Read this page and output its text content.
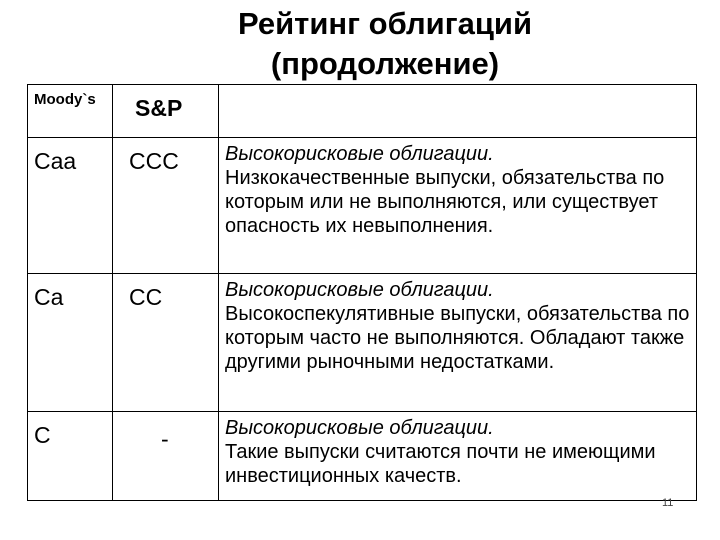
Рейтинг облигаций
(продолжение)
Moody`s	S&P	

Caa	CCC	Высокорисковые облигации.
Низкокачественные выпуски, обязательства по которым или не выполняются, или существует опасность их невыполнения.

Ca	CC	Высокорисковые облигации.
Высокоспекулятивные выпуски, обязательства по которым часто не выполняются. Обладают также другими рыночными недостатками.

C	-	Высокорисковые облигации.
Такие выпуски считаются почти не имеющими инвестиционных качеств.
11
